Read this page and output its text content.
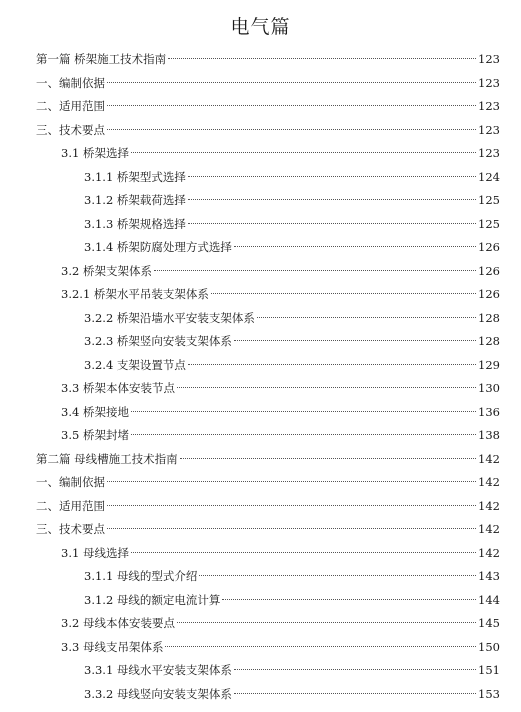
电气篇
第一篇 桥架施工技术指南	123
一、编制依据	123
二、适用范围	123
三、技术要点	123
3.1 桥架选择	123
3.1.1 桥架型式选择	124
3.1.2 桥架载荷选择	125
3.1.3 桥架规格选择	125
3.1.4 桥架防腐处理方式选择	126
3.2 桥架支架体系	126
3.2.1 桥架水平吊装支架体系	126
3.2.2 桥架沿墙水平安装支架体系	128
3.2.3 桥架竖向安装支架体系	128
3.2.4 支架设置节点	129
3.3 桥架本体安装节点	130
3.4 桥架接地	136
3.5 桥架封堵	138
第二篇 母线槽施工技术指南	142
一、编制依据	142
二、适用范围	142
三、技术要点	142
3.1 母线选择	142
3.1.1 母线的型式介绍	143
3.1.2 母线的额定电流计算	144
3.2 母线本体安装要点	145
3.3 母线支吊架体系	150
3.3.1 母线水平安装支架体系	151
3.3.2 母线竖向安装支架体系	153
